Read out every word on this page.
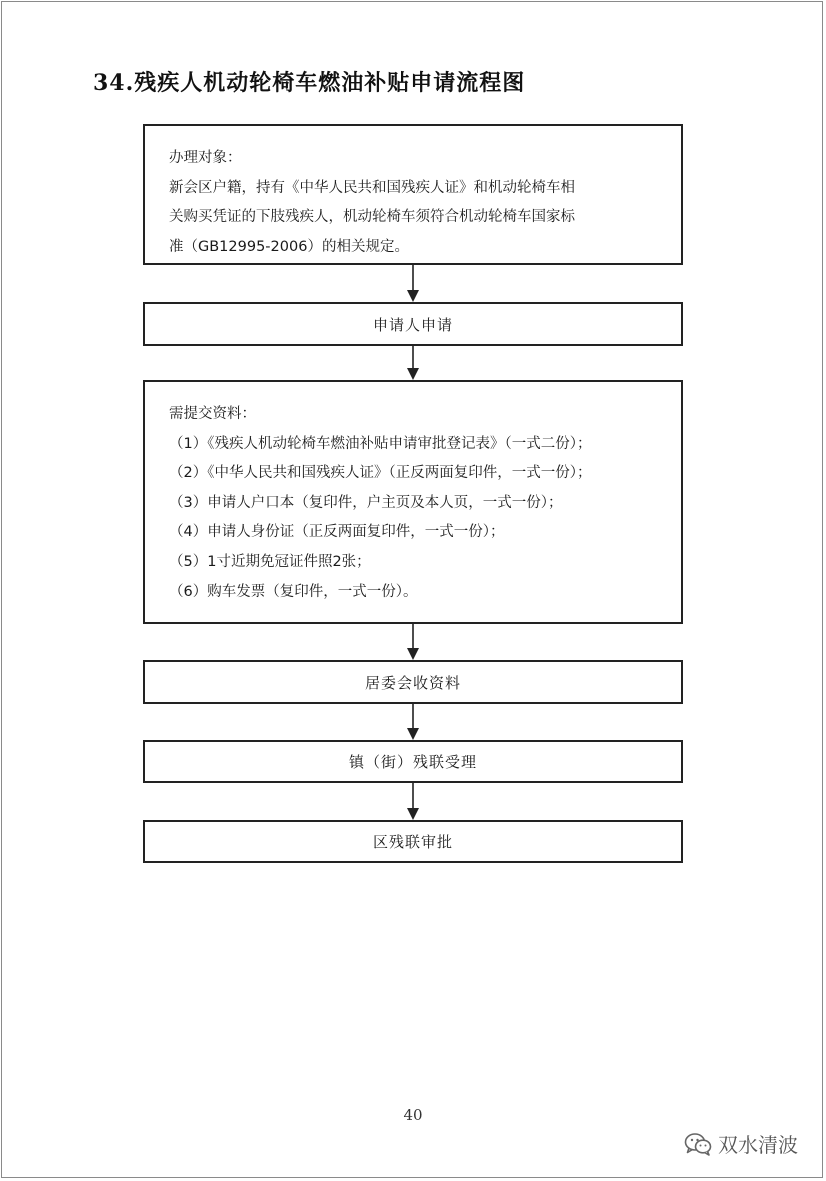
34.残疾人机动轮椅车燃油补贴申请流程图
办理对象：
新会区户籍，持有《中华人民共和国残疾人证》和机动轮椅车相
关购买凭证的下肢残疾人，机动轮椅车须符合机动轮椅车国家标
准（GB12995-2006）的相关规定。
申请人申请
需提交资料：
（1）《残疾人机动轮椅车燃油补贴申请审批登记表》（一式二份）；
（2）《中华人民共和国残疾人证》（正反两面复印件，一式一份）；
（3）申请人户口本（复印件，户主页及本人页，一式一份）；
（4）申请人身份证（正反两面复印件，一式一份）；
（5）1寸近期免冠证件照2张；
（6）购车发票（复印件，一式一份）。
居委会收资料
镇（街）残联受理
区残联审批
40
双水清波
